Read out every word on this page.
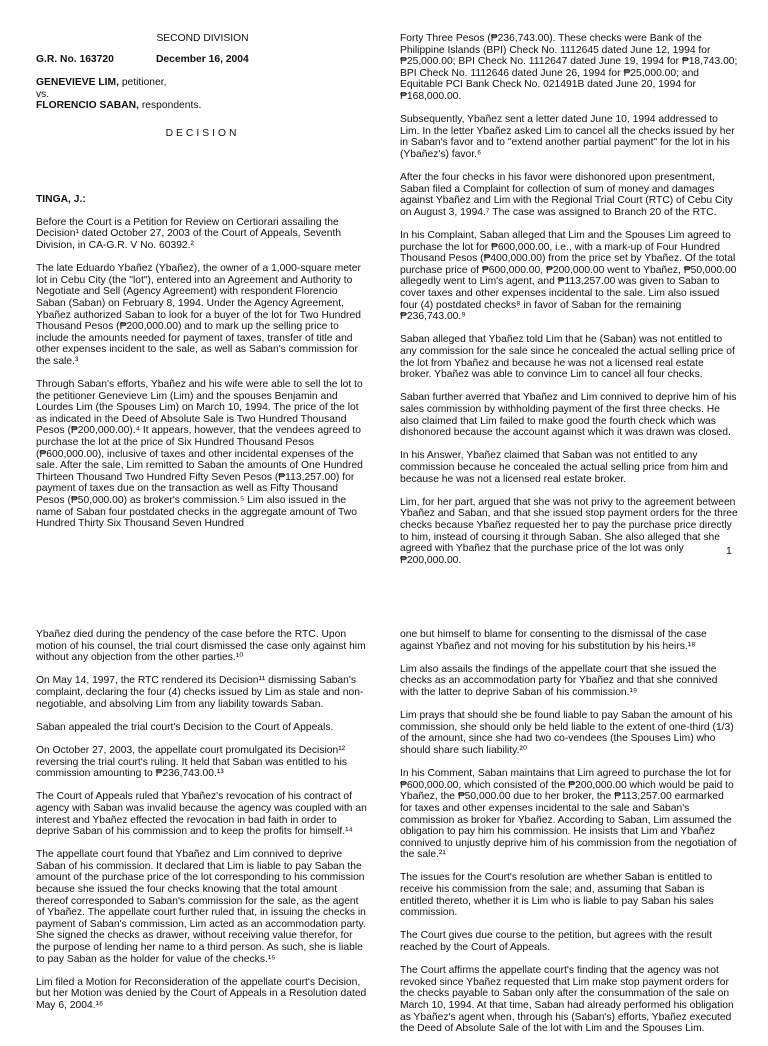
SECOND DIVISION

G.R. No. 163720	December 16, 2004
GENEVIEVE LIM, petitioner,
vs.
FLORENCIO SABAN, respondents.

DECISION

TINGA, J.:

Before the Court is a Petition for Review on Certiorari assailing the Decision¹ dated October 27, 2003 of the Court of Appeals, Seventh Division, in CA-G.R. V No. 60392.²

The late Eduardo Ybañez (Ybañez), the owner of a 1,000-square meter lot in Cebu City (the "lot"), entered into an Agreement and Authority to Negotiate and Sell (Agency Agreement) with respondent Florencio Saban (Saban) on February 8, 1994. Under the Agency Agreement, Ybañez authorized Saban to look for a buyer of the lot for Two Hundred Thousand Pesos (₱200,000.00) and to mark up the selling price to include the amounts needed for payment of taxes, transfer of title and other expenses incident to the sale, as well as Saban's commission for the sale.³

Through Saban's efforts, Ybañez and his wife were able to sell the lot to the petitioner Genevieve Lim (Lim) and the spouses Benjamin and Lourdes Lim (the Spouses Lim) on March 10, 1994. The price of the lot as indicated in the Deed of Absolute Sale is Two Hundred Thousand Pesos (₱200,000.00).⁴ It appears, however, that the vendees agreed to purchase the lot at the price of Six Hundred Thousand Pesos (₱600,000.00), inclusive of taxes and other incidental expenses of the sale. After the sale, Lim remitted to Saban the amounts of One Hundred Thirteen Thousand Two Hundred Fifty Seven Pesos (₱113,257.00) for payment of taxes due on the transaction as well as Fifty Thousand Pesos (₱50,000.00) as broker's commission.⁵ Lim also issued in the name of Saban four postdated checks in the aggregate amount of Two Hundred Thirty Six Thousand Seven Hundred

Forty Three Pesos (₱236,743.00). These checks were Bank of the Philippine Islands (BPI) Check No. 1112645 dated June 12, 1994 for ₱25,000.00; BPI Check No. 1112647 dated June 19, 1994 for ₱18,743.00; BPI Check No. 1112646 dated June 26, 1994 for ₱25,000.00; and Equitable PCI Bank Check No. 021491B dated June 20, 1994 for ₱168,000.00.

Subsequently, Ybañez sent a letter dated June 10, 1994 addressed to Lim. In the letter Ybañez asked Lim to cancel all the checks issued by her in Saban's favor and to "extend another partial payment" for the lot in his (Ybañez's) favor.⁶

After the four checks in his favor were dishonored upon presentment, Saban filed a Complaint for collection of sum of money and damages against Ybañez and Lim with the Regional Trial Court (RTC) of Cebu City on August 3, 1994.⁷ The case was assigned to Branch 20 of the RTC.

In his Complaint, Saban alleged that Lim and the Spouses Lim agreed to purchase the lot for ₱600,000.00, i.e., with a mark-up of Four Hundred Thousand Pesos (₱400,000.00) from the price set by Ybañez. Of the total purchase price of ₱600,000.00, ₱200,000.00 went to Ybañez, ₱50,000.00 allegedly went to Lim's agent, and ₱113,257.00 was given to Saban to cover taxes and other expenses incidental to the sale. Lim also issued four (4) postdated checks⁸ in favor of Saban for the remaining ₱236,743.00.⁹

Saban alleged that Ybañez told Lim that he (Saban) was not entitled to any commission for the sale since he concealed the actual selling price of the lot from Ybañez and because he was not a licensed real estate broker. Ybañez was able to convince Lim to cancel all four checks.

Saban further averred that Ybañez and Lim connived to deprive him of his sales commission by withholding payment of the first three checks. He also claimed that Lim failed to make good the fourth check which was dishonored because the account against which it was drawn was closed.

In his Answer, Ybañez claimed that Saban was not entitled to any commission because he concealed the actual selling price from him and because he was not a licensed real estate broker.

Lim, for her part, argued that she was not privy to the agreement between Ybañez and Saban, and that she issued stop payment orders for the three checks because Ybañez requested her to pay the purchase price directly to him, instead of coursing it through Saban. She also alleged that she agreed with Ybañez that the purchase price of the lot was only ₱200,000.00.

1

Ybañez died during the pendency of the case before the RTC. Upon motion of his counsel, the trial court dismissed the case only against him without any objection from the other parties.¹⁰

On May 14, 1997, the RTC rendered its Decision¹¹ dismissing Saban's complaint, declaring the four (4) checks issued by Lim as stale and non-negotiable, and absolving Lim from any liability towards Saban.

Saban appealed the trial court's Decision to the Court of Appeals.

On October 27, 2003, the appellate court promulgated its Decision¹² reversing the trial court's ruling. It held that Saban was entitled to his commission amounting to ₱236,743.00.¹³

The Court of Appeals ruled that Ybañez's revocation of his contract of agency with Saban was invalid because the agency was coupled with an interest and Ybañez effected the revocation in bad faith in order to deprive Saban of his commission and to keep the profits for himself.¹⁴

The appellate court found that Ybañez and Lim connived to deprive Saban of his commission. It declared that Lim is liable to pay Saban the amount of the purchase price of the lot corresponding to his commission because she issued the four checks knowing that the total amount thereof corresponded to Saban's commission for the sale, as the agent of Ybañez. The appellate court further ruled that, in issuing the checks in payment of Saban's commission, Lim acted as an accommodation party. She signed the checks as drawer, without receiving value therefor, for the purpose of lending her name to a third person. As such, she is liable to pay Saban as the holder for value of the checks.¹⁵

Lim filed a Motion for Reconsideration of the appellate court's Decision, but her Motion was denied by the Court of Appeals in a Resolution dated May 6, 2004.¹⁶

one but himself to blame for consenting to the dismissal of the case against Ybañez and not moving for his substitution by his heirs.¹⁸

Lim also assails the findings of the appellate court that she issued the checks as an accommodation party for Ybañez and that she connived with the latter to deprive Saban of his commission.¹⁹

Lim prays that should she be found liable to pay Saban the amount of his commission, she should only be held liable to the extent of one-third (1/3) of the amount, since she had two co-vendees (the Spouses Lim) who should share such liability.²⁰

In his Comment, Saban maintains that Lim agreed to purchase the lot for ₱600,000.00, which consisted of the ₱200,000.00 which would be paid to Ybañez, the ₱50,000.00 due to her broker, the ₱113,257.00 earmarked for taxes and other expenses incidental to the sale and Saban's commission as broker for Ybañez. According to Saban, Lim assumed the obligation to pay him his commission. He insists that Lim and Ybañez connived to unjustly deprive him of his commission from the negotiation of the sale.²¹

The issues for the Court's resolution are whether Saban is entitled to receive his commission from the sale; and, assuming that Saban is entitled thereto, whether it is Lim who is liable to pay Saban his sales commission.

The Court gives due course to the petition, but agrees with the result reached by the Court of Appeals.

The Court affirms the appellate court's finding that the agency was not revoked since Ybañez requested that Lim make stop payment orders for the checks payable to Saban only after the consummation of the sale on March 10, 1994. At that time, Saban had already performed his obligation as Ybañez's agent when, through his (Saban's) efforts, Ybañez executed the Deed of Absolute Sale of the lot with Lim and the Spouses Lim.
